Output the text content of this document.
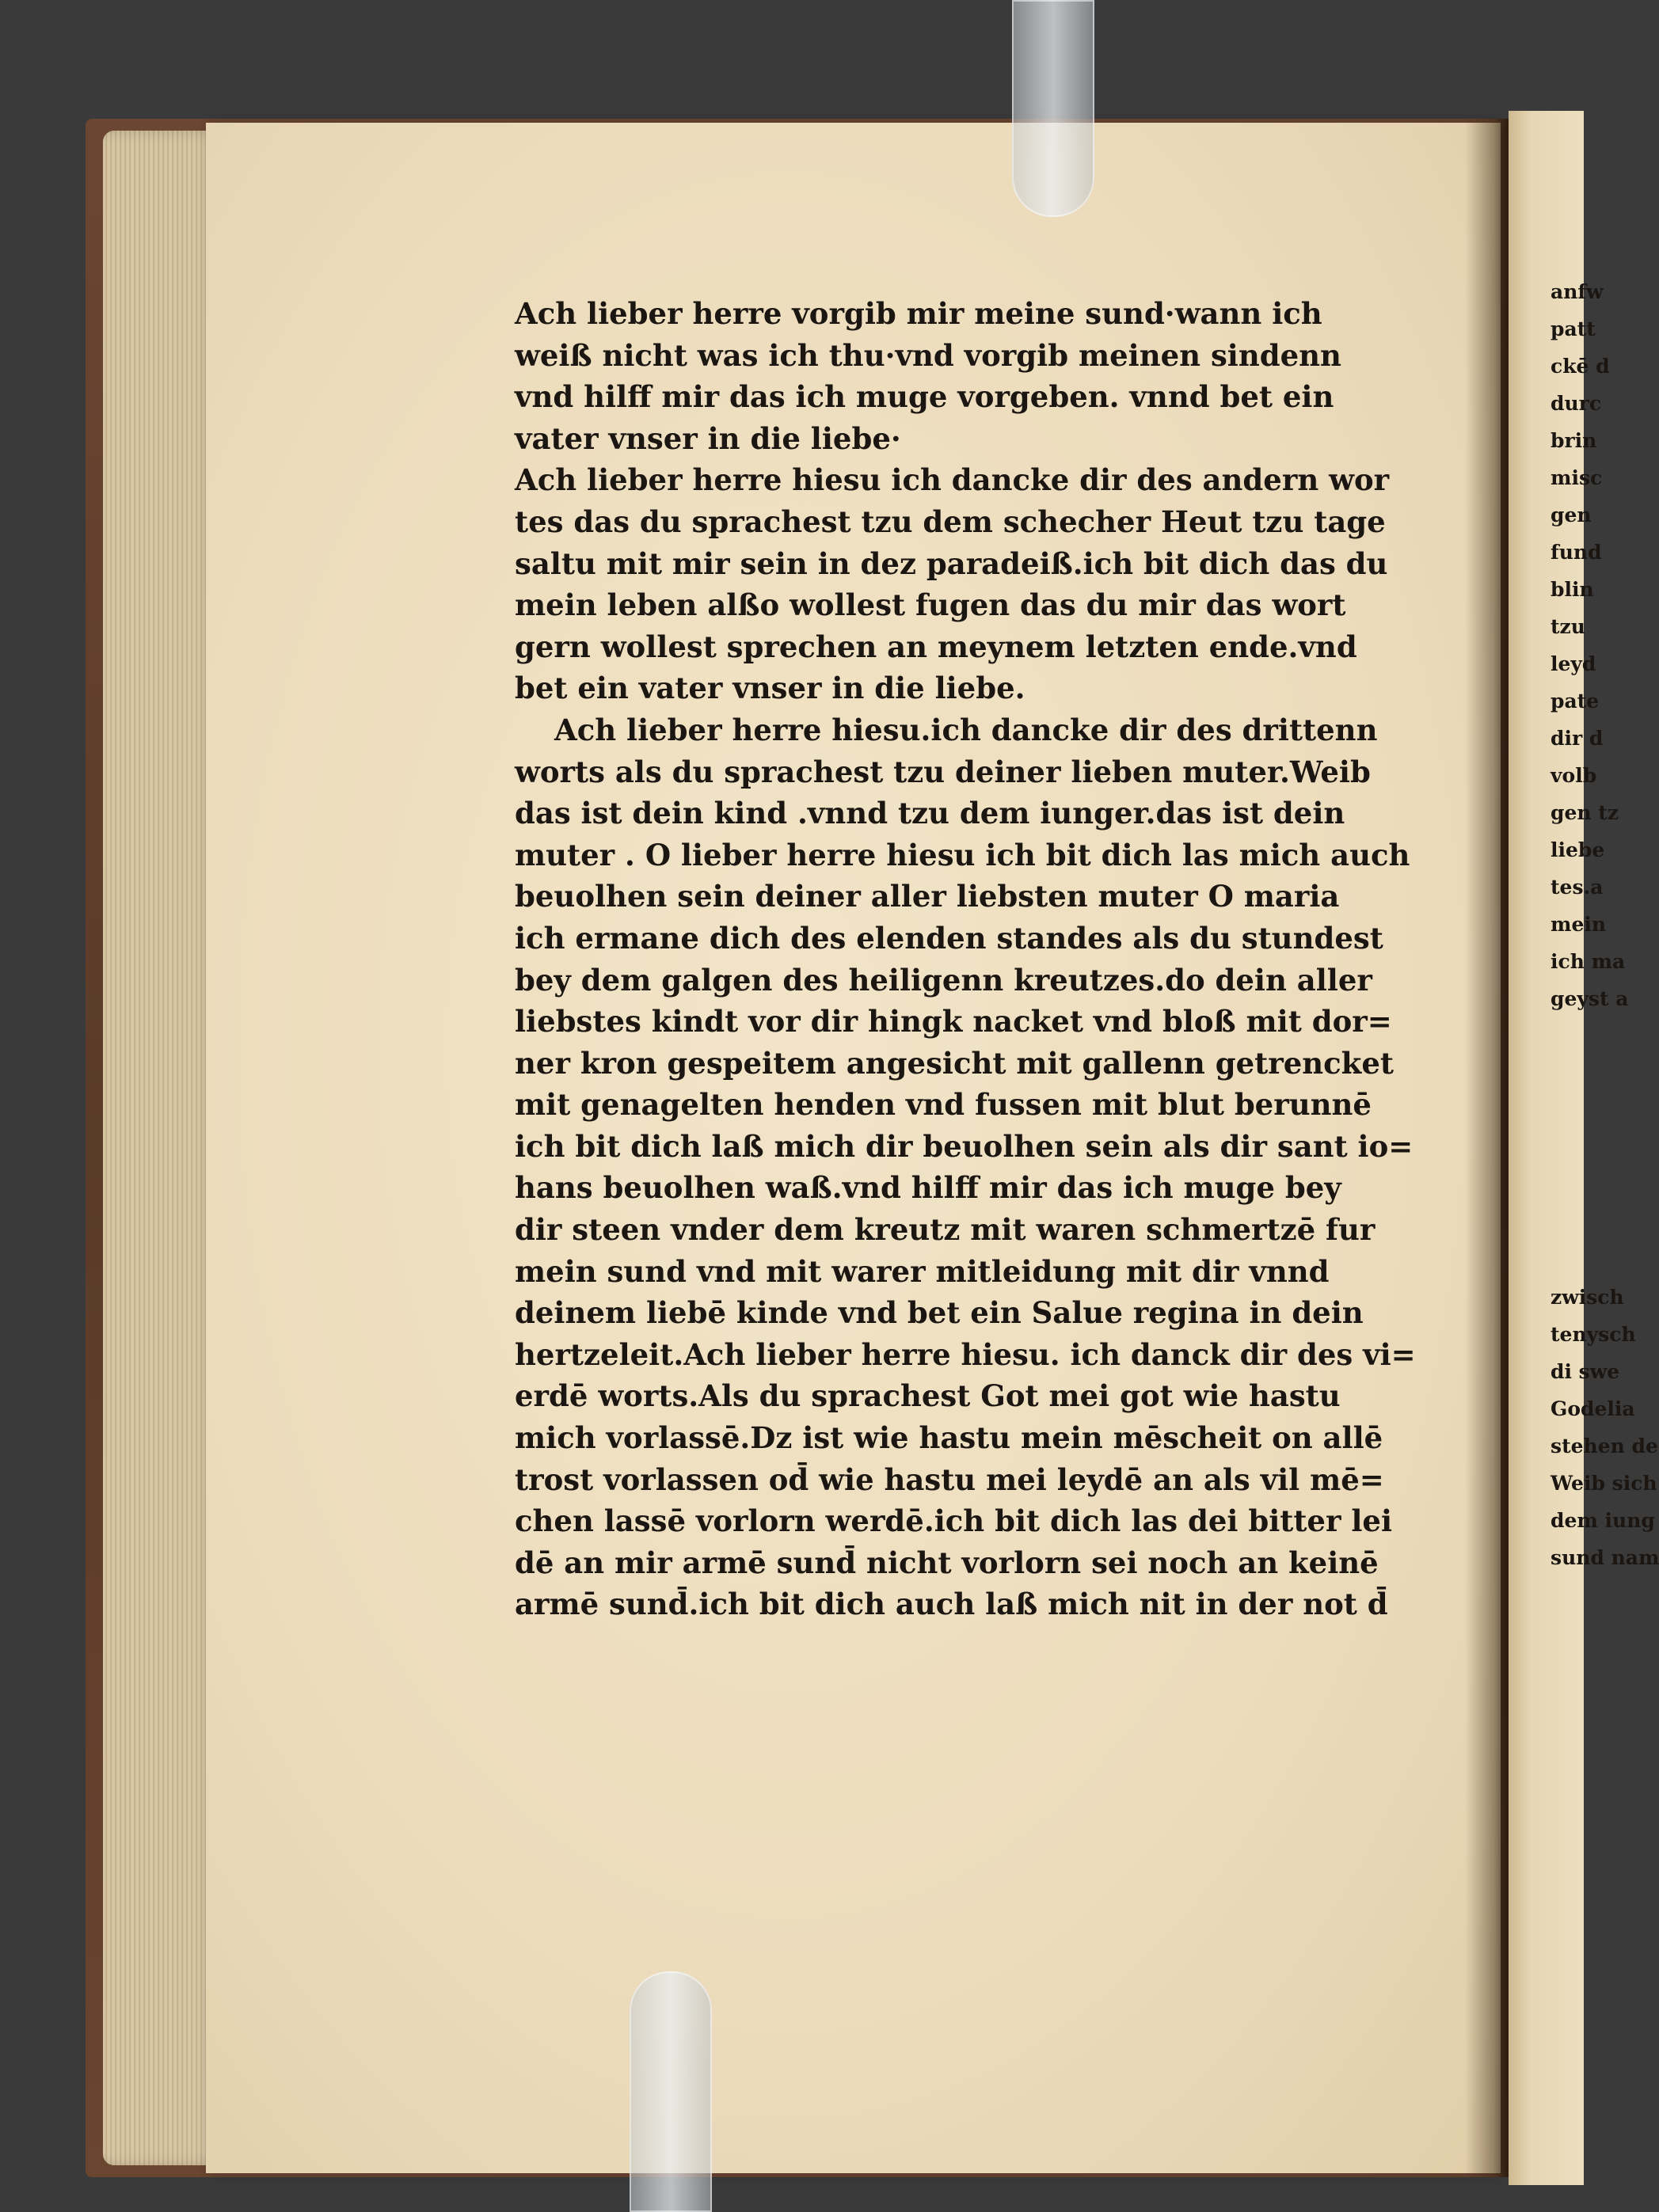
Ach lieber herre vorgib mir meine sund·wann ich
weiß nicht was ich thu·vnd vorgib meinen sindenn
vnd hilff mir das ich muge vorgeben. vnnd bet ein
vater vnser in die liebe·
Ach lieber herre hiesu ich dancke dir des andern wor
tes das du sprachest tzu dem schecher Heut tzu tage
saltu mit mir sein in dez paradeiß.ich bit dich das du
mein leben alßo wollest fugen das du mir das wort
gern wollest sprechen an meynem letzten ende.vnd
bet ein vater vnser in die liebe.
Ach lieber herre hiesu.ich dancke dir des drittenn
worts als du sprachest tzu deiner lieben muter.Weib
das ist dein kind .vnnd tzu dem iunger.das ist dein
muter . O lieber herre hiesu ich bit dich las mich auch
beuolhen sein deiner aller liebsten muter O maria
ich ermane dich des elenden standes als du stundest
bey dem galgen des heiligenn kreutzes.do dein aller
liebstes kindt vor dir hingk nacket vnd bloß mit dor=
ner kron gespeitem angesicht mit gallenn getrencket
mit genagelten henden vnd fussen mit blut berunnē
ich bit dich laß mich dir beuolhen sein als dir sant io=
hans beuolhen waß.vnd hilff mir das ich muge bey
dir steen vnder dem kreutz mit waren schmertzē fur
mein sund vnd mit warer mitleidung mit dir vnnd
deinem liebē kinde vnd bet ein Salue regina in dein
hertzeleit.Ach lieber herre hiesu. ich danck dir des vi=
erdē worts.Als du sprachest Got mei got wie hastu
mich vorlassē.Dz ist wie hastu mein mēscheit on allē
trost vorlassen od̄ wie hastu mei leydē an als vil mē=
chen lassē vorlorn werdē.ich bit dich las dei bitter lei
dē an mir armē sund̄ nicht vorlorn sei noch an keinē
armē sund̄.ich bit dich auch laß mich nit in der not d̄
anfw
patt
ckē d
durc
brin
misc
gen
fund
blin
tzu
leyd
pate
dir d
volb
gen tz
liebe
tes.a
mein
ich ma
geyst a
zwisch
tenysch
di swe
Godelia
stehen de
Weib sich
dem iung
sund nam
